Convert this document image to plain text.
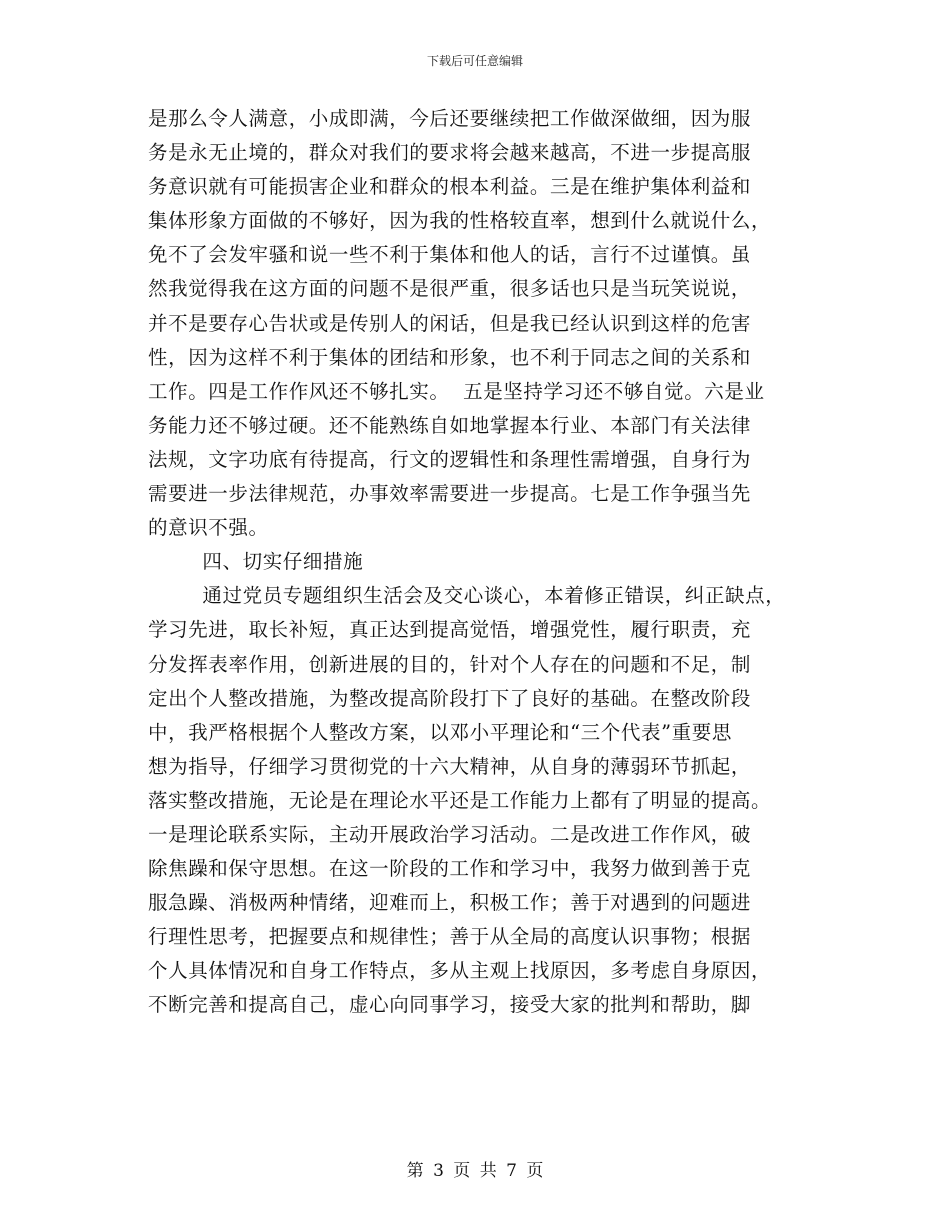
下载后可任意编辑
是那么令人满意，小成即满，今后还要继续把工作做深做细，因为服
务是永无止境的，群众对我们的要求将会越来越高，不进一步提高服
务意识就有可能损害企业和群众的根本利益。三是在维护集体利益和
集体形象方面做的不够好，因为我的性格较直率，想到什么就说什么，
免不了会发牢骚和说一些不利于集体和他人的话，言行不过谨慎。虽
然我觉得我在这方面的问题不是很严重，很多话也只是当玩笑说说，
并不是要存心告状或是传别人的闲话，但是我已经认识到这样的危害
性，因为这样不利于集体的团结和形象，也不利于同志之间的关系和
工作。四是工作作风还不够扎实。  五是坚持学习还不够自觉。六是业
务能力还不够过硬。还不能熟练自如地掌握本行业、本部门有关法律
法规，文字功底有待提高，行文的逻辑性和条理性需增强，自身行为
需要进一步法律规范，办事效率需要进一步提高。七是工作争强当先
的意识不强。
四、切实仔细措施
通过党员专题组织生活会及交心谈心，本着修正错误，纠正缺点，
学习先进，取长补短，真正达到提高觉悟，增强党性，履行职责，充
分发挥表率作用，创新进展的目的，针对个人存在的问题和不足，制
定出个人整改措施，为整改提高阶段打下了良好的基础。在整改阶段
中，我严格根据个人整改方案，以邓小平理论和“三个代表”重要思
想为指导，仔细学习贯彻党的十六大精神，从自身的薄弱环节抓起，
落实整改措施，无论是在理论水平还是工作能力上都有了明显的提高。
一是理论联系实际，主动开展政治学习活动。二是改进工作作风，破
除焦躁和保守思想。在这一阶段的工作和学习中，我努力做到善于克
服急躁、消极两种情绪，迎难而上，积极工作；善于对遇到的问题进
行理性思考，把握要点和规律性；善于从全局的高度认识事物；根据
个人具体情况和自身工作特点，多从主观上找原因，多考虑自身原因，
不断完善和提高自己，虚心向同事学习，接受大家的批判和帮助，脚
第 3 页 共 7 页
